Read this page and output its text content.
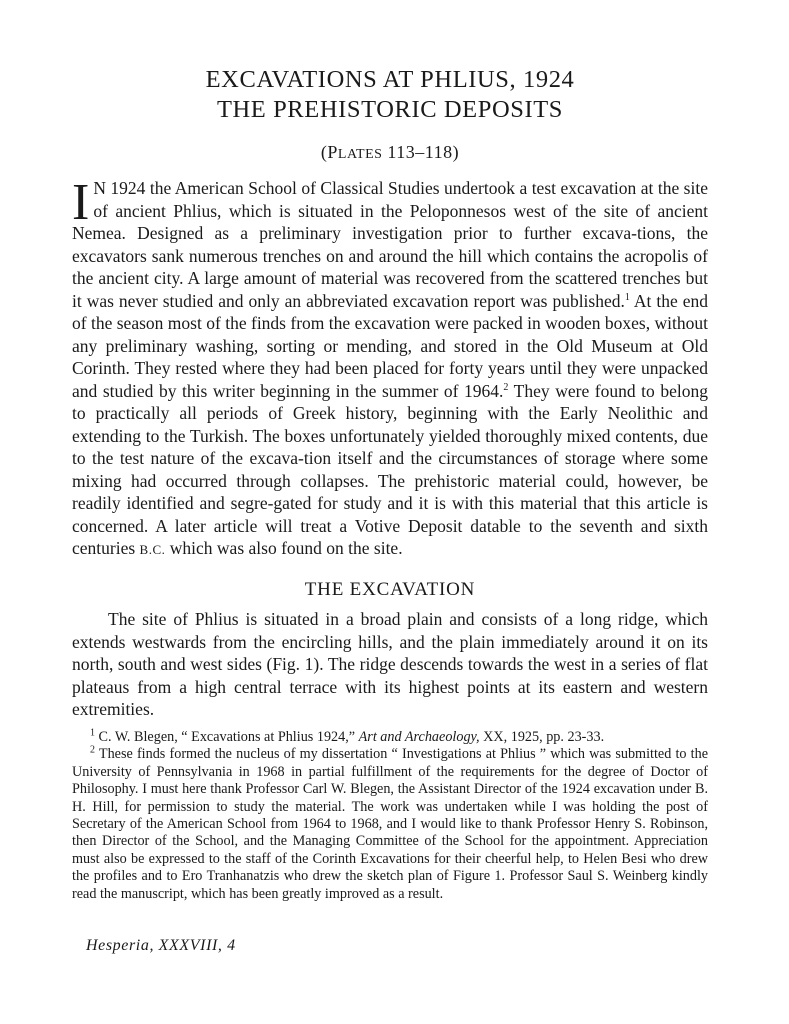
EXCAVATIONS AT PHLIUS, 1924
THE PREHISTORIC DEPOSITS
(PLATES 113–118)

I N 1924 the American School of Classical Studies undertook a test excavation at the site of ancient Phlius, which is situated in the Peloponnesos west of the site of ancient Nemea. Designed as a preliminary investigation prior to further excava-tions, the excavators sank numerous trenches on and around the hill which contains the acropolis of the ancient city. A large amount of material was recovered from the scattered trenches but it was never studied and only an abbreviated excavation report was published.$^1$ At the end of the season most of the finds from the excavation were packed in wooden boxes, without any preliminary washing, sorting or mending, and stored in the Old Museum at Old Corinth. They rested where they had been placed for forty years until they were unpacked and studied by this writer beginning in the summer of 1964.$^2$ They were found to belong to practically all periods of Greek history, beginning with the Early Neolithic and extending to the Turkish. The boxes unfortunately yielded thoroughly mixed contents, due to the test nature of the excava-tion itself and the circumstances of storage where some mixing had occurred through collapses. The prehistoric material could, however, be readily identified and segre-gated for study and it is with this material that this article is concerned. A later article will treat a Votive Deposit datable to the seventh and sixth centuries B.C. which was also found on the site.

THE EXCAVATION

The site of Phlius is situated in a broad plain and consists of a long ridge, which extends westwards from the encircling hills, and the plain immediately around it on its north, south and west sides (Fig. 1). The ridge descends towards the west in a series of flat plateaus from a high central terrace with its highest points at its eastern and western extremities.

$^1$ C. W. Blegen, “ Excavations at Phlius 1924,” Art and Archaeology, XX, 1925, pp. 23-33.

$^2$ These finds formed the nucleus of my dissertation “ Investigations at Phlius ” which was submitted to the University of Pennsylvania in 1968 in partial fulfillment of the requirements for the degree of Doctor of Philosophy. I must here thank Professor Carl W. Blegen, the Assistant Director of the 1924 excavation under B. H. Hill, for permission to study the material. The work was undertaken while I was holding the post of Secretary of the American School from 1964 to 1968, and I would like to thank Professor Henry S. Robinson, then Director of the School, and the Managing Committee of the School for the appointment. Appreciation must also be expressed to the staff of the Corinth Excavations for their cheerful help, to Helen Besi who drew the profiles and to Ero Tranhanatzis who drew the sketch plan of Figure 1. Professor Saul S. Weinberg kindly read the manuscript, which has been greatly improved as a result.

Hesperia, XXXVIII, 4
